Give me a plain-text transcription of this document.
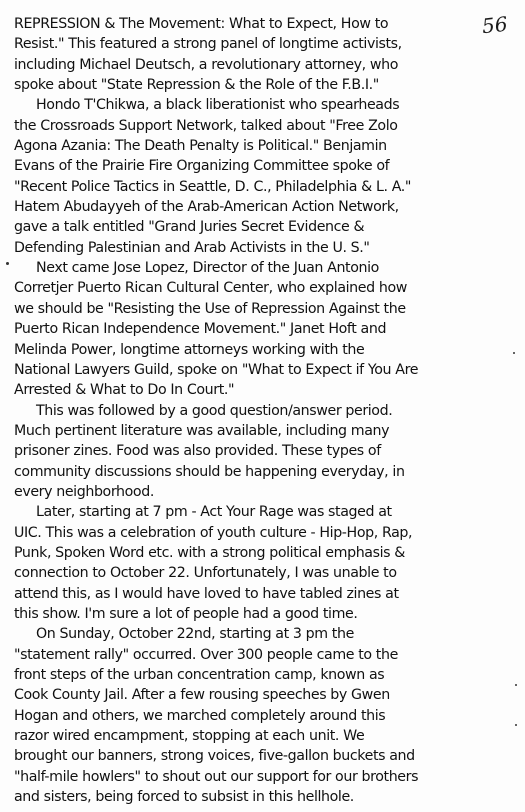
56
REPRESSION & The Movement: What to Expect, How to
Resist." This featured a strong panel of longtime activists,
including Michael Deutsch, a revolutionary attorney, who
spoke about "State Repression & the Role of the F.B.I."
Hondo T'Chikwa, a black liberationist who spearheads
the Crossroads Support Network, talked about "Free Zolo
Agona Azania: The Death Penalty is Political." Benjamin
Evans of the Prairie Fire Organizing Committee spoke of
"Recent Police Tactics in Seattle, D. C., Philadelphia & L. A."
Hatem Abudayyeh of the Arab-American Action Network,
gave a talk entitled "Grand Juries Secret Evidence &
Defending Palestinian and Arab Activists in the U. S."
Next came Jose Lopez, Director of the Juan Antonio
Corretjer Puerto Rican Cultural Center, who explained how
we should be "Resisting the Use of Repression Against the
Puerto Rican Independence Movement." Janet Hoft and
Melinda Power, longtime attorneys working with the
National Lawyers Guild, spoke on "What to Expect if You Are
Arrested & What to Do In Court."
This was followed by a good question/answer period.
Much pertinent literature was available, including many
prisoner zines. Food was also provided. These types of
community discussions should be happening everyday, in
every neighborhood.
Later, starting at 7 pm - Act Your Rage was staged at
UIC. This was a celebration of youth culture - Hip-Hop, Rap,
Punk, Spoken Word etc. with a strong political emphasis &
connection to October 22. Unfortunately, I was unable to
attend this, as I would have loved to have tabled zines at
this show. I'm sure a lot of people had a good time.
On Sunday, October 22nd, starting at 3 pm the
"statement rally" occurred. Over 300 people came to the
front steps of the urban concentration camp, known as
Cook County Jail. After a few rousing speeches by Gwen
Hogan and others, we marched completely around this
razor wired encampment, stopping at each unit. We
brought our banners, strong voices, five-gallon buckets and
"half-mile howlers" to shout out our support for our brothers
and sisters, being forced to subsist in this hellhole.
